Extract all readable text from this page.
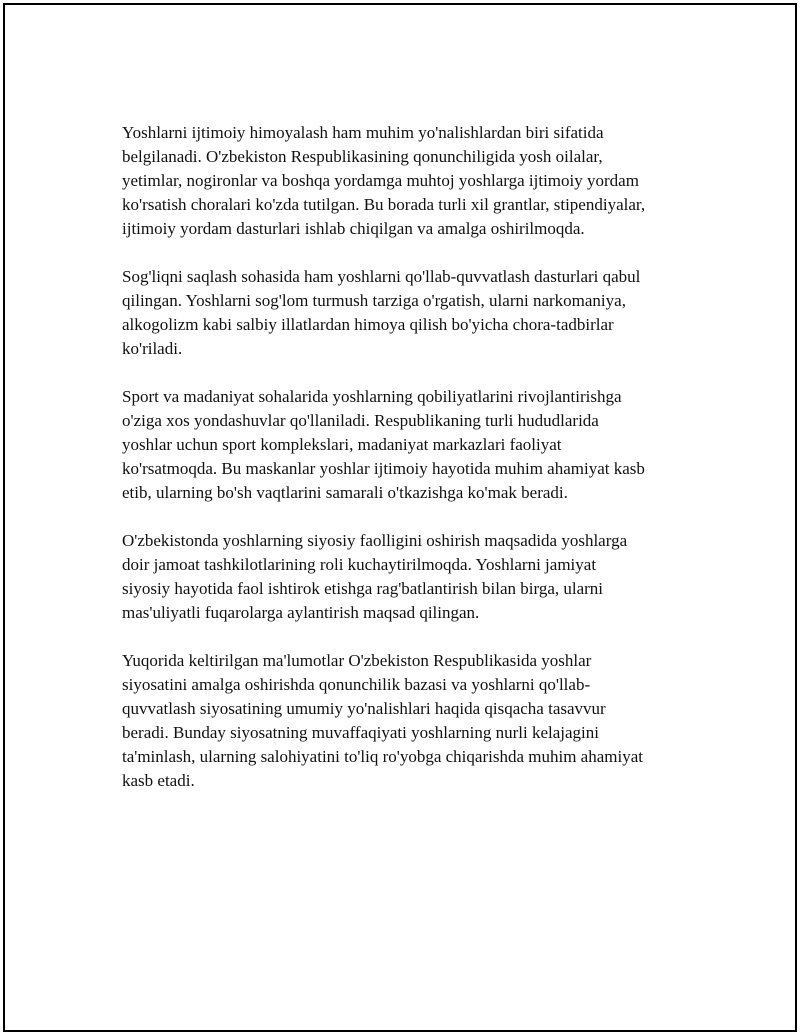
Yoshlarni ijtimoiy himoyalash ham muhim yo'nalishlardan biri sifatida
belgilanadi. O'zbekiston Respublikasining qonunchiligida yosh oilalar,
yetimlar, nogironlar va boshqa yordamga muhtoj yoshlarga ijtimoiy yordam
ko'rsatish choralari ko'zda tutilgan. Bu borada turli xil grantlar, stipendiyalar,
ijtimoiy yordam dasturlari ishlab chiqilgan va amalga oshirilmoqda.

Sog'liqni saqlash sohasida ham yoshlarni qo'llab-quvvatlash dasturlari qabul
qilingan. Yoshlarni sog'lom turmush tarziga o'rgatish, ularni narkomaniya,
alkogolizm kabi salbiy illatlardan himoya qilish bo'yicha chora-tadbirlar
ko'riladi.

Sport va madaniyat sohalarida yoshlarning qobiliyatlarini rivojlantirishga
o'ziga xos yondashuvlar qo'llaniladi. Respublikaning turli hududlarida
yoshlar uchun sport komplekslari, madaniyat markazlari faoliyat
ko'rsatmoqda. Bu maskanlar yoshlar ijtimoiy hayotida muhim ahamiyat kasb
etib, ularning bo'sh vaqtlarini samarali o'tkazishga ko'mak beradi.

O'zbekistonda yoshlarning siyosiy faolligini oshirish maqsadida yoshlarga
doir jamoat tashkilotlarining roli kuchaytirilmoqda. Yoshlarni jamiyat
siyosiy hayotida faol ishtirok etishga rag'batlantirish bilan birga, ularni
mas'uliyatli fuqarolarga aylantirish maqsad qilingan.

Yuqorida keltirilgan ma'lumotlar O'zbekiston Respublikasida yoshlar
siyosatini amalga oshirishda qonunchilik bazasi va yoshlarni qo'llab-
quvvatlash siyosatining umumiy yo'nalishlari haqida qisqacha tasavvur
beradi. Bunday siyosatning muvaffaqiyati yoshlarning nurli kelajagini
ta'minlash, ularning salohiyatini to'liq ro'yobga chiqarishda muhim ahamiyat
kasb etadi.
